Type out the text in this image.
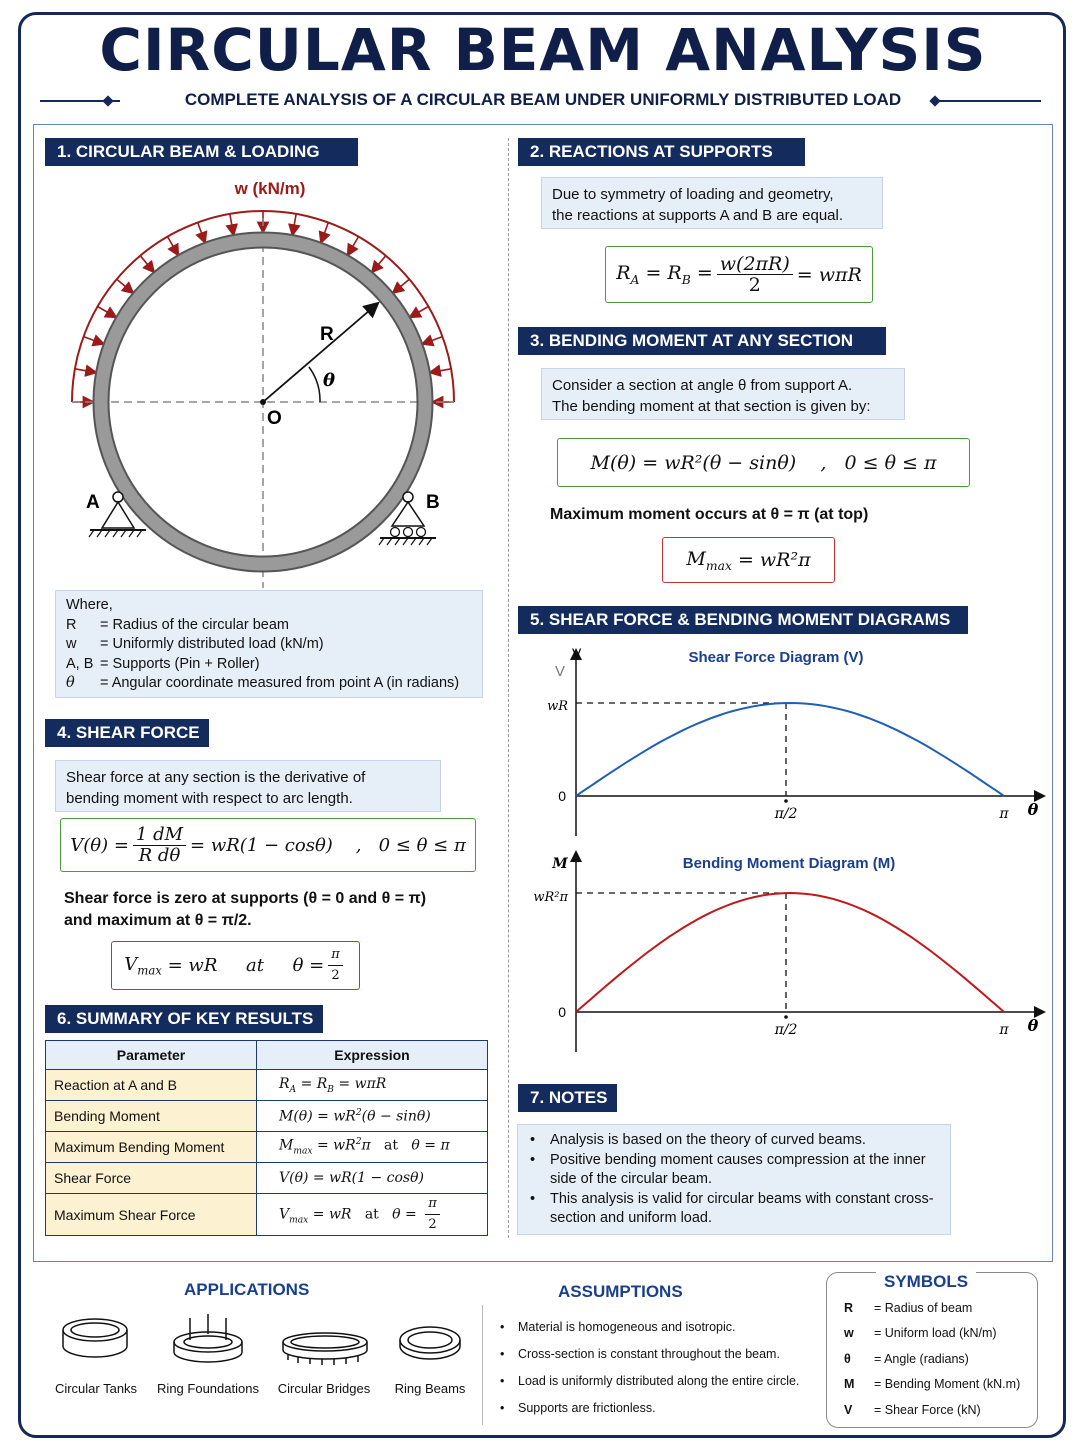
CIRCULAR BEAM ANALYSIS
COMPLETE ANALYSIS OF A CIRCULAR BEAM UNDER UNIFORMLY DISTRIBUTED LOAD
1. CIRCULAR BEAM & LOADING
w (kN/m)
R
θ
O
A	B
Where,
R	= Radius of the circular beam
w	= Uniformly distributed load (kN/m)
A, B = Supports (Pin + Roller)
θ	= Angular coordinate measured from point A (in radians)
4. SHEAR FORCE
Shear force at any section is the derivative of
bending moment with respect to arc length.
$V(\theta) = \frac{1 dM}{\text{R dθ}} = wR(1 - \cos\theta)$    ,   0 ≤ θ ≤ π
Shear force is zero at supports (θ = 0 and θ = π)
and maximum at θ = π/2.
$V_{max}$
= wR     at     $\theta = \frac{\pi}{2}$
6. SUMMARY OF KEY RESULTS
Parameter	Expression
Reaction at A and B	$R_A = R_B = w\pi R$
Bending Moment	$M(\theta) = wR^2(\theta - \sin\theta)$
Maximum Bending Moment	$M_{max} = wR^2\pi$   at   θ = π
Shear Force	V(θ) = wR(1 − cosθ)
Maximum Shear Force	$V_{max}$ = wR   at   $\theta = \frac{\pi}{2}$
2. REACTIONS AT SUPPORTS
Due to symmetry of loading and geometry,
the reactions at supports A and B are equal.
$R_A = R_B = \frac{w(2\pi R)}{2} = w\pi R$
3. BENDING MOMENT AT ANY SECTION
Consider a section at angle θ from support A.
The bending moment at that section is given by:
M(θ) = wR²(θ − sinθ)    ,   0 ≤ θ ≤ π
Maximum moment occurs at θ = π (at top)
$M_{max} = wR^2\pi$
5. SHEAR FORCE & BENDING MOMENT DIAGRAMS
Shear Force Diagram (V)
V
V
wR
0
π/2	π θ
Bending Moment Diagram (M)
M
wR²π
0
π/2	π θ
7. NOTES
•	Analysis is based on the theory of curved beams.
•	Positive bending moment causes compression at the inner side of the circular beam.
•	This analysis is valid for circular beams with constant cross-section and uniform load.
APPLICATIONS
Circular Tanks	Ring Foundations	Circular Bridges	Ring Beams
ASSUMPTIONS
•	Material is homogeneous and isotropic.
•	Cross-section is constant throughout the beam.
•	Load is uniformly distributed along the entire circle.
•	Supports are frictionless.
SYMBOLS
R	= Radius of beam
w	= Uniform load (kN/m)
θ	= Angle (radians)
M	= Bending Moment (kN.m)
V	= Shear Force (kN)
